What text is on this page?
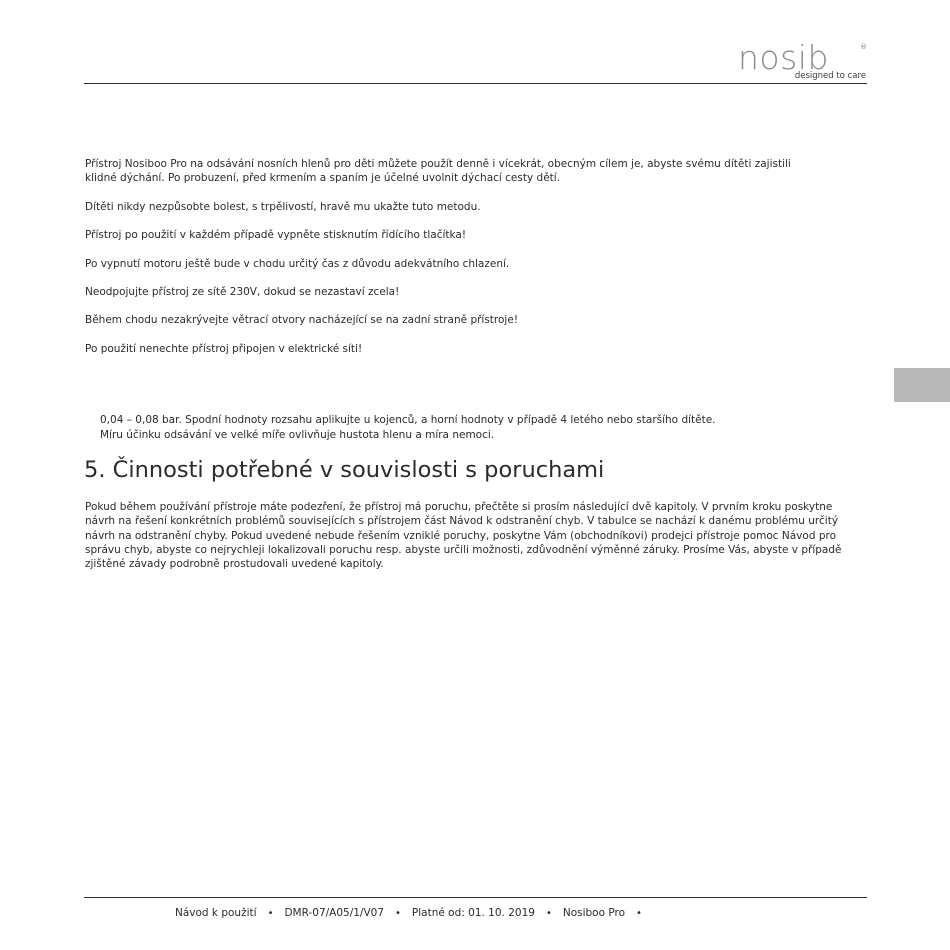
nosib
designed to care
®

Přístroj Nosiboo Pro na odsávání nosních hlenů pro děti můžete použít denně i vícekrát, obecným cílem je, abyste svému dítěti zajistili

klidné dýchání. Po probuzení, před krmením a spaním je účelné uvolnit dýchací cesty dětí.

Dítěti nikdy nezpůsobte bolest, s trpělivostí, hravě mu ukažte tuto metodu.

Přístroj po použití v každém případě vypněte stisknutím řídícího tlačítka!

Po vypnutí motoru ještě bude v chodu určitý čas z důvodu adekvátního chlazení.

Neodpojujte přístroj ze sítě 230V, dokud se nezastaví zcela!

Během chodu nezakrývejte větrací otvory nacházející se na zadní straně přístroje!

Po použití nenechte přístroj připojen v elektrické síti!

0,04 – 0,08 bar. Spodní hodnoty rozsahu aplikujte u kojenců, a horní hodnoty v případě 4 letého nebo staršího dítěte.

Míru účinku odsávání ve velké míře ovlivňuje hustota hlenu a míra nemoci.

5. Činnosti potřebné v souvislosti s poruchami

Pokud během používání přístroje máte podezření, že přístroj má poruchu, přečtěte si prosím následující dvě kapitoly. V prvním kroku poskytne návrh na řešení konkrétních problémů souvisejících s přístrojem část Návod k odstranění chyb. V tabulce se nachází k danému problému určitý návrh na odstranění chyby. Pokud uvedené nebude řešením vzniklé poruchy, poskytne Vám (obchodníkovi) prodejci přístroje pomoc Návod pro správu chyb, abyste co nejrychleji lokalizovali poruchu resp. abyste určili možnosti, zdůvodnění výměnné záruky. Prosíme Vás, abyste v případě zjištěné závady podrobně prostudovali uvedené kapitoly.

Návod k použití • DMR-07/A05/1/V07 • Platné od: 01. 10. 2019 • Nosiboo Pro •
